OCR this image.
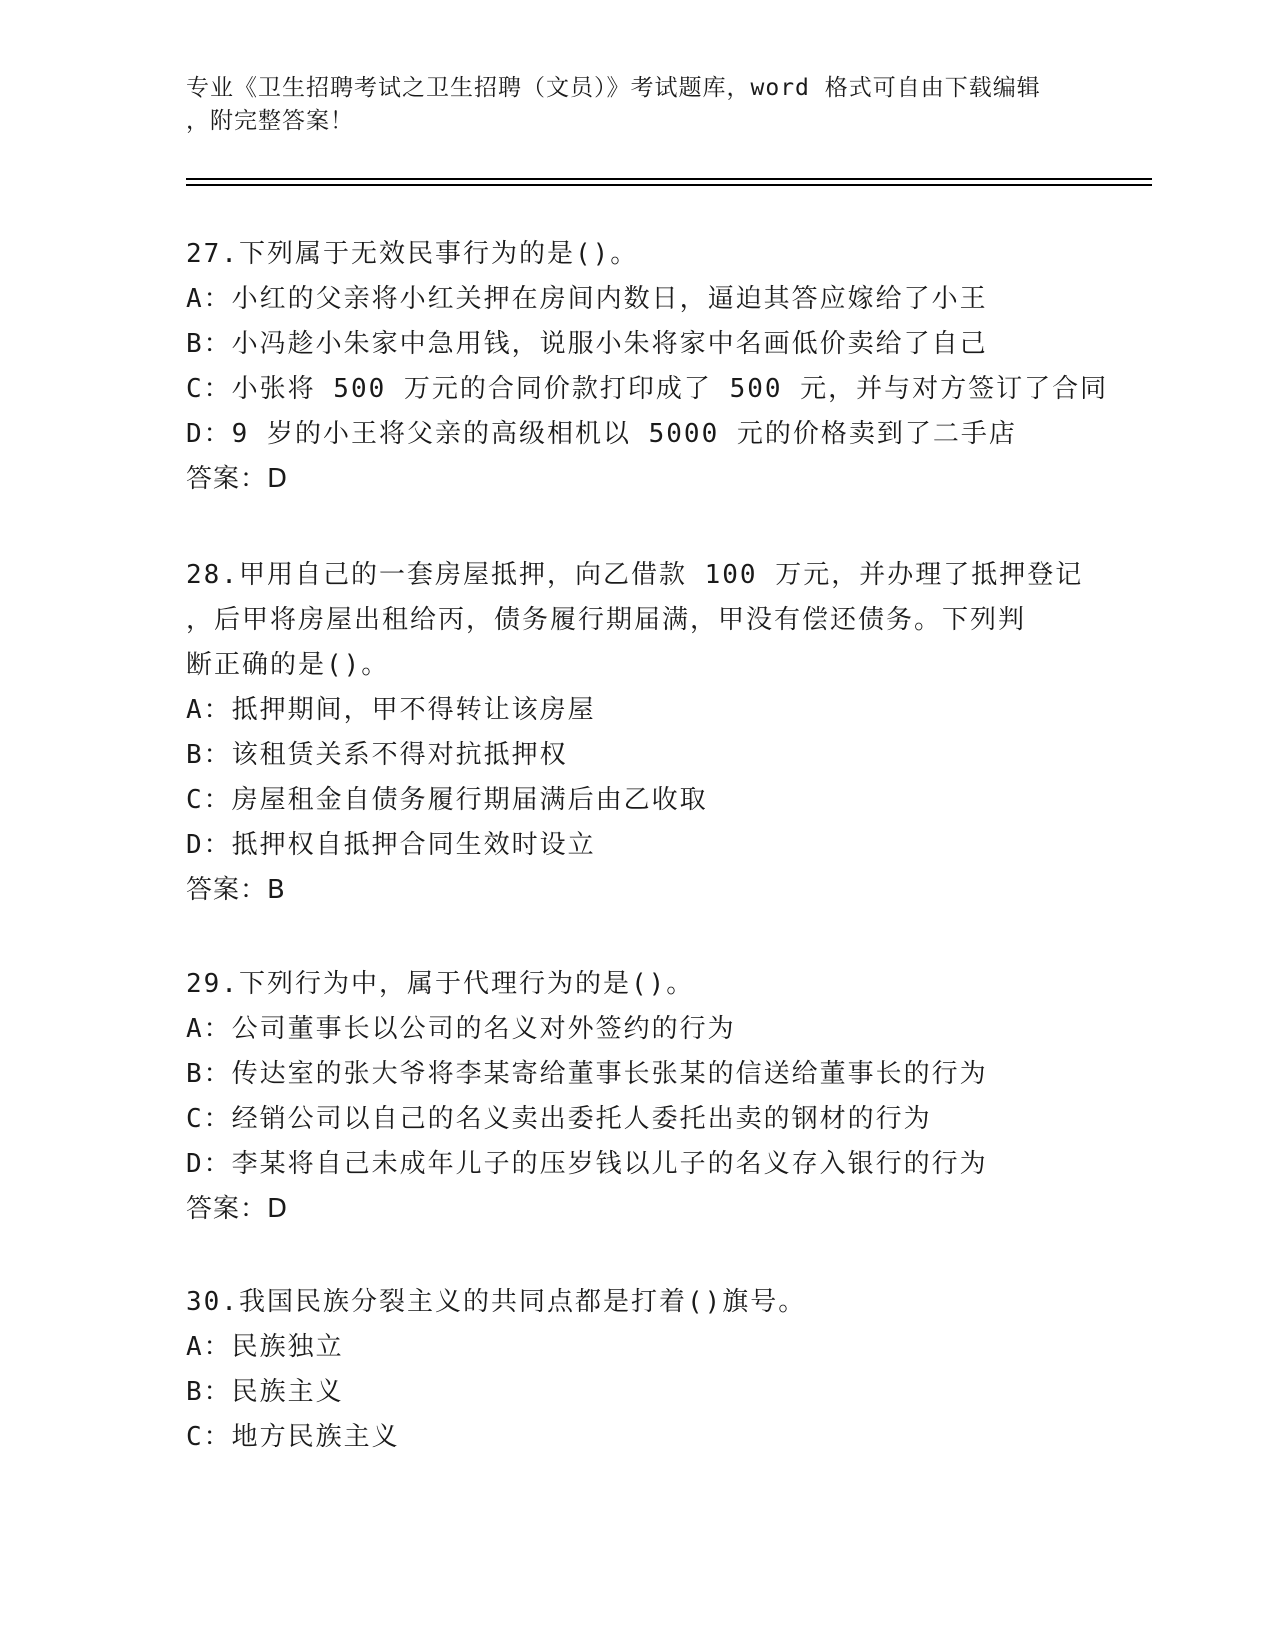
专业《卫生招聘考试之卫生招聘（文员）》考试题库，word 格式可自由下载编辑
，附完整答案！
27.下列属于无效民事行为的是()。
A：小红的父亲将小红关押在房间内数日，逼迫其答应嫁给了小王
B：小冯趁小朱家中急用钱，说服小朱将家中名画低价卖给了自己
C：小张将 500 万元的合同价款打印成了 500 元，并与对方签订了合同
D：9 岁的小王将父亲的高级相机以 5000 元的价格卖到了二手店
答案：D
28.甲用自己的一套房屋抵押，向乙借款 100 万元，并办理了抵押登记
，后甲将房屋出租给丙，债务履行期届满，甲没有偿还债务。下列判
断正确的是()。
A：抵押期间，甲不得转让该房屋
B：该租赁关系不得对抗抵押权
C：房屋租金自债务履行期届满后由乙收取
D：抵押权自抵押合同生效时设立
答案：B
29.下列行为中，属于代理行为的是()。
A：公司董事长以公司的名义对外签约的行为
B：传达室的张大爷将李某寄给董事长张某的信送给董事长的行为
C：经销公司以自己的名义卖出委托人委托出卖的钢材的行为
D：李某将自己未成年儿子的压岁钱以儿子的名义存入银行的行为
答案：D
30.我国民族分裂主义的共同点都是打着()旗号。
A：民族独立
B：民族主义
C：地方民族主义
